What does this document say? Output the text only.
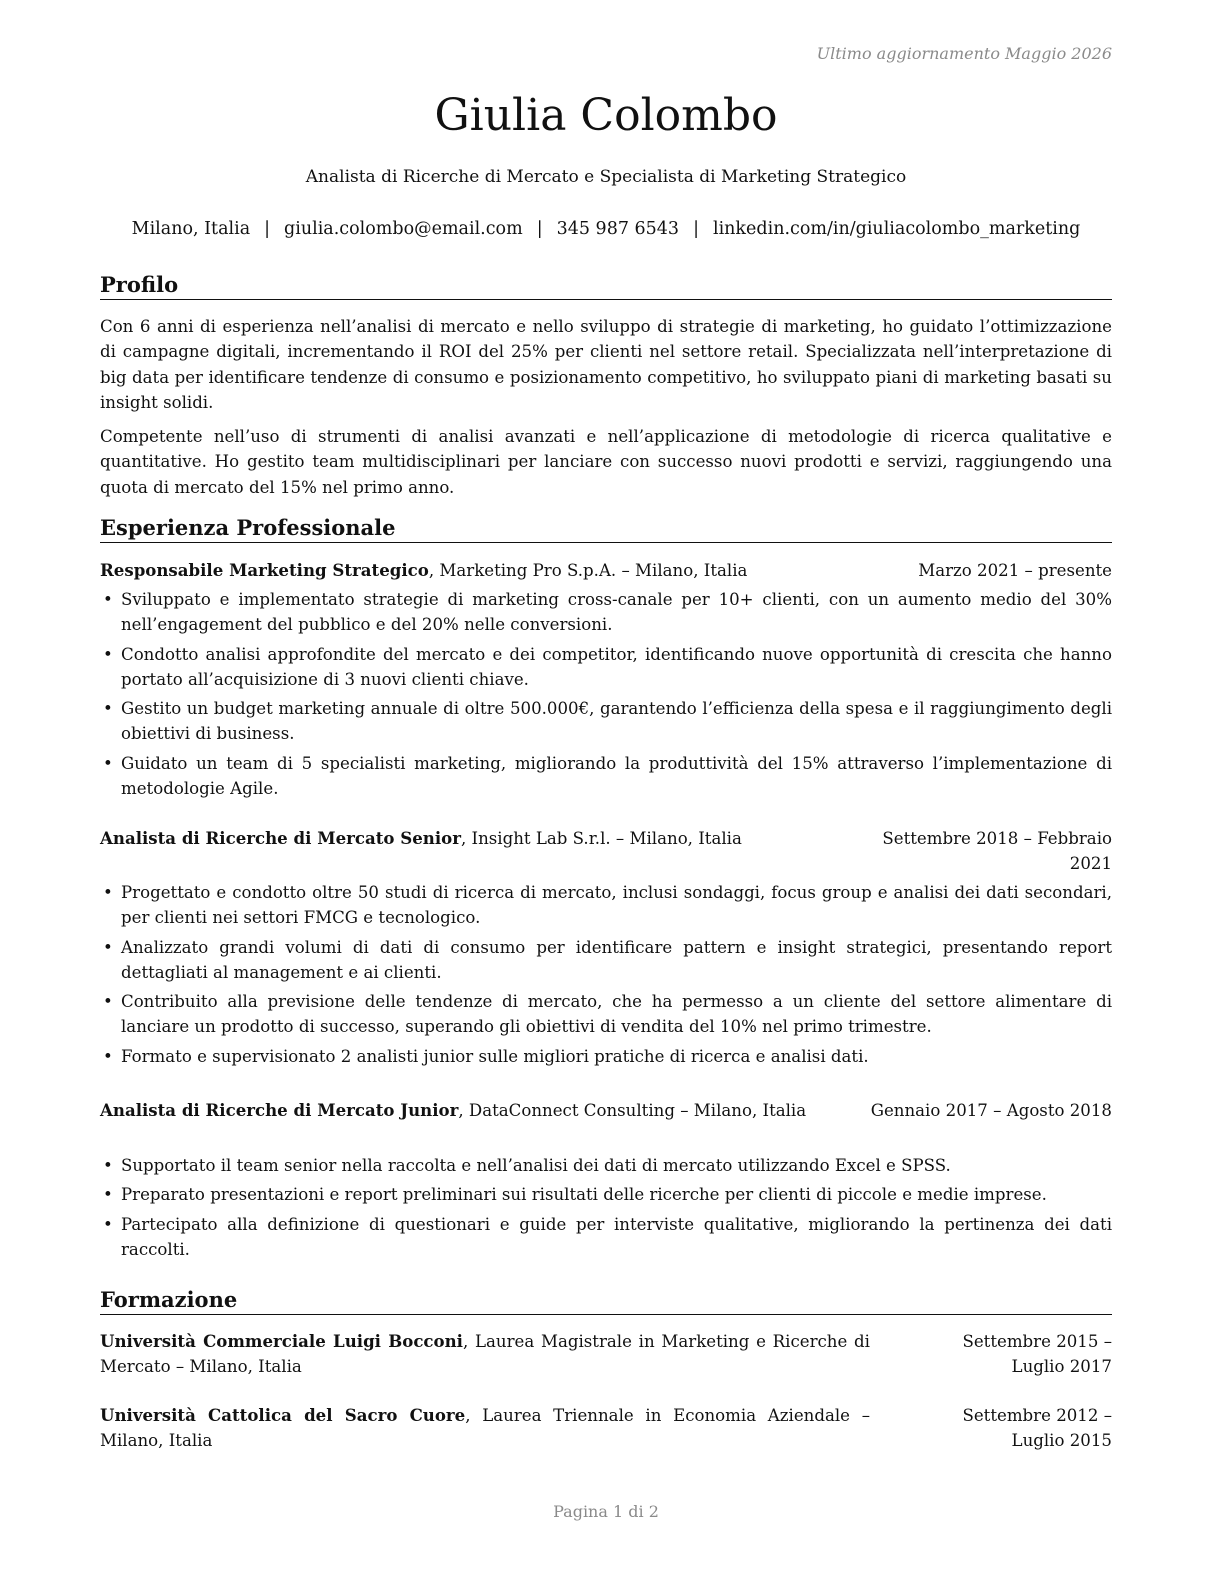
Ultimo aggiornamento Maggio 2026
Giulia Colombo
Analista di Ricerche di Mercato e Specialista di Marketing Strategico
Milano, Italia | giulia.colombo@email.com | 345 987 6543 | linkedin.com/in/giuliacolombo_marketing
Profilo
Con 6 anni di esperienza nell’analisi di mercato e nello sviluppo di strategie di marketing, ho guidato l’ottimizzazione di campagne digitali, incrementando il ROI del 25% per clienti nel settore retail. Specializzata nell’interpretazione di big data per identificare tendenze di consumo e posizionamento competitivo, ho sviluppato piani di marketing basati su insight solidi.
Competente nell’uso di strumenti di analisi avanzati e nell’applicazione di metodologie di ricerca qualitative e quantitative. Ho gestito team multidisciplinari per lanciare con successo nuovi prodotti e servizi, raggiungendo una quota di mercato del 15% nel primo anno.
Esperienza Professionale
Responsabile Marketing Strategico, Marketing Pro S.p.A. – Milano, Italia	Marzo 2021 – presente
• Sviluppato e implementato strategie di marketing cross-canale per 10+ clienti, con un aumento medio del 30% nell’engagement del pubblico e del 20% nelle conversioni.
• Condotto analisi approfondite del mercato e dei competitor, identificando nuove opportunità di crescita che hanno portato all’acquisizione di 3 nuovi clienti chiave.
• Gestito un budget marketing annuale di oltre 500.000€, garantendo l’efficienza della spesa e il raggiungimento degli obiettivi di business.
• Guidato un team di 5 specialisti marketing, migliorando la produttività del 15% attraverso l’implementazione di metodologie Agile.
Analista di Ricerche di Mercato Senior, Insight Lab S.r.l. – Milano, Italia	Settembre 2018 – Febbraio 2021
• Progettato e condotto oltre 50 studi di ricerca di mercato, inclusi sondaggi, focus group e analisi dei dati secondari, per clienti nei settori FMCG e tecnologico.
• Analizzato grandi volumi di dati di consumo per identificare pattern e insight strategici, presentando report dettagliati al management e ai clienti.
• Contribuito alla previsione delle tendenze di mercato, che ha permesso a un cliente del settore alimentare di lanciare un prodotto di successo, superando gli obiettivi di vendita del 10% nel primo trimestre.
• Formato e supervisionato 2 analisti junior sulle migliori pratiche di ricerca e analisi dati.
Analista di Ricerche di Mercato Junior, DataConnect Consulting – Milano, Italia	Gennaio 2017 – Agosto 2018
• Supportato il team senior nella raccolta e nell’analisi dei dati di mercato utilizzando Excel e SPSS.
• Preparato presentazioni e report preliminari sui risultati delle ricerche per clienti di piccole e medie imprese.
• Partecipato alla definizione di questionari e guide per interviste qualitative, migliorando la pertinenza dei dati raccolti.
Formazione
Università Commerciale Luigi Bocconi, Laurea Magistrale in Marketing e Ricerche di Mercato – Milano, Italia
Settembre 2015 – Luglio 2017
Università Cattolica del Sacro Cuore, Laurea Triennale in Economia Aziendale – Milano, Italia
Settembre 2012 – Luglio 2015
Pagina 1 di 2
